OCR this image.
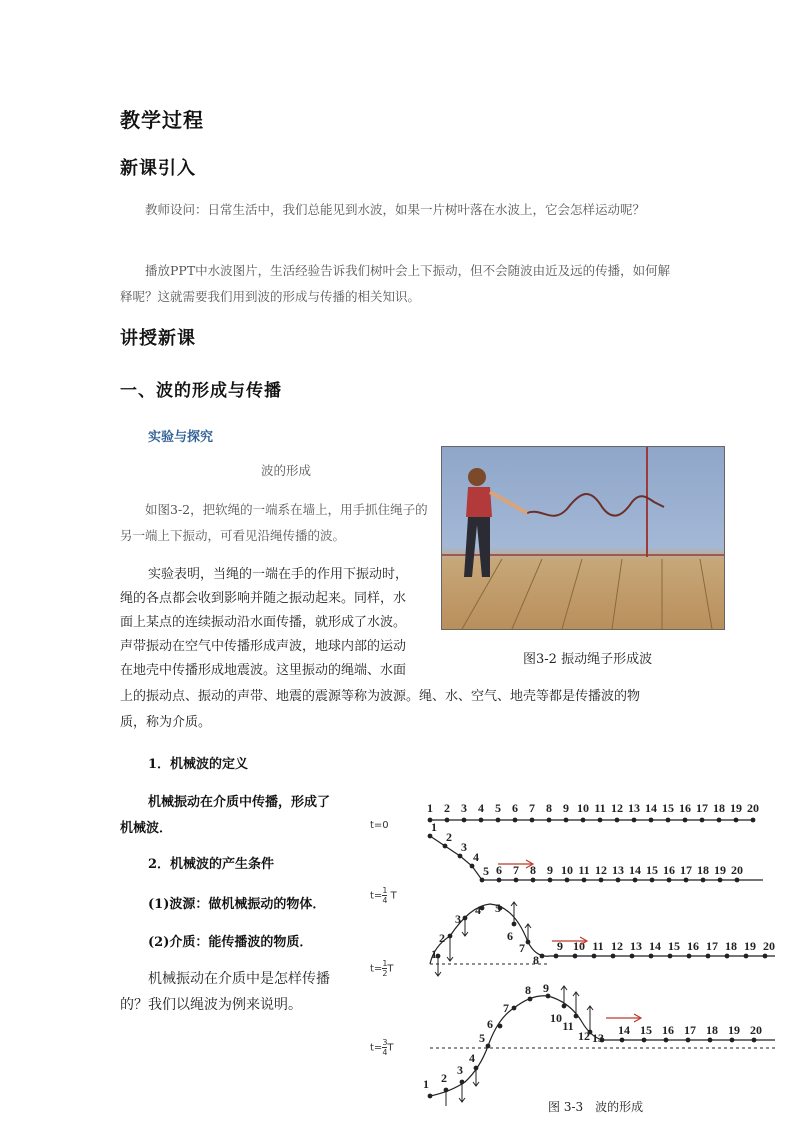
教学过程
新课引入
教师设问：日常生活中，我们总能见到水波，如果一片树叶落在水波上，它会怎样运动呢？
播放PPT中水波图片，生活经验告诉我们树叶会上下振动，但不会随波由近及远的传播，如何解释呢？这就需要我们用到波的形成与传播的相关知识。
讲授新课
一、波的形成与传播
实验与探究
波的形成
如图3-2，把软绳的一端系在墙上，用手抓住绳子的另一端上下振动，可看见沿绳传播的波。
图3-2 振动绳子形成波
实验表明，当绳的一端在手的作用下振动时，
绳的各点都会收到影响并随之振动起来。同样，水
面上某点的连续振动沿水面传播，就形成了水波。
声带振动在空气中传播形成声波，地球内部的运动
在地壳中传播形成地震波。这里振动的绳端、水面
上的振动点、振动的声带、地震的震源等称为波源。绳、水、空气、地壳等都是传播波的物
质，称为介质。
1．机械波的定义
机械振动在介质中传播，形成了
机械波．
2．机械波的产生条件
(1)波源：做机械振动的物体．
(2)介质：能传播波的物质．
机械振动在介质中是怎样传播
的？我们以绳波为例来说明。
t=0
$t= \frac{1}{4}$ T
$t= \frac{1}{2}$ T
$t= \frac{3}{4}$ T
1 2 3 4 5 6 7 8 9 10 11 12 13 14 15 16 17 18 19 20
1
2
3
4
5 6 7 8 9 10 11 12 13 14 15 16 17 18 19 20
1
2
3
4 5
6
7
8
9 10 11 12 13 14 15 16 17 18 19 20
1 2
3
4
5
6
7
8 9
10
11
12 13
14 15 16 17 18 19 20
图 3-3　波的形成
